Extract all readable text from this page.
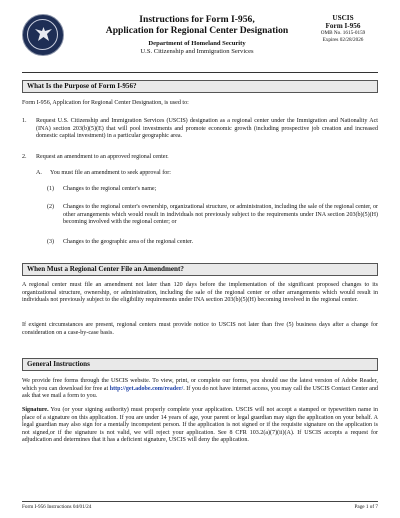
Instructions for Form I-956,
Application for Regional Center Designation
Department of Homeland Security
U.S. Citizenship and Immigration Services
USCIS
Form I-956
OMB No. 1615-0159
Expires 02/28/2026
What Is the Purpose of Form I-956?
Form I-956, Application for Regional Center Designation, is used to:
1. Request U.S. Citizenship and Immigration Services (USCIS) designation as a regional center under the Immigration and Nationality Act (INA) section 203(b)(5)(E) that will pool investments and promote economic growth (including prospective job creation and increased domestic capital investment) in a particular geographic area.
2. Request an amendment to an approved regional center.
A. You must file an amendment to seek approval for:
(1) Changes to the regional center's name;
(2) Changes to the regional center's ownership, organizational structure, or administration, including the sale of the regional center, or other arrangements which would result in individuals not previously subject to the requirements under INA section 203(b)(5)(H) becoming involved with the regional center; or
(3) Changes to the geographic area of the regional center.
When Must a Regional Center File an Amendment?
A regional center must file an amendment not later than 120 days before the implementation of the significant proposed changes to its organizational structure, ownership, or administration, including the sale of the regional center or other arrangements which would result in individuals not previously subject to the eligibility requirements under INA section 203(b)(5)(H) becoming involved in the regional center.
If exigent circumstances are present, regional centers must provide notice to USCIS not later than five (5) business days after a change for consideration on a case-by-case basis.
General Instructions
We provide free forms through the USCIS website. To view, print, or complete our forms, you should use the latest version of Adobe Reader, which you can download for free at http://get.adobe.com/reader/. If you do not have internet access, you may call the USCIS Contact Center and ask that we mail a form to you.
Signature. You (or your signing authority) must properly complete your application. USCIS will not accept a stamped or typewritten name in place of a signature on this application. If you are under 14 years of age, your parent or legal guardian may sign the application on your behalf. A legal guardian may also sign for a mentally incompetent person. If the application is not signed or if the requisite signature on the application is not signed,or if the signature is not valid, we will reject your application. See 8 CFR 103.2(a)(7)(ii)(A). If USCIS accepts a request for adjudication and determines that it has a deficient signature, USCIS will deny the application.
Form I-956 Instructions 04/01/24	Page 1 of 7
